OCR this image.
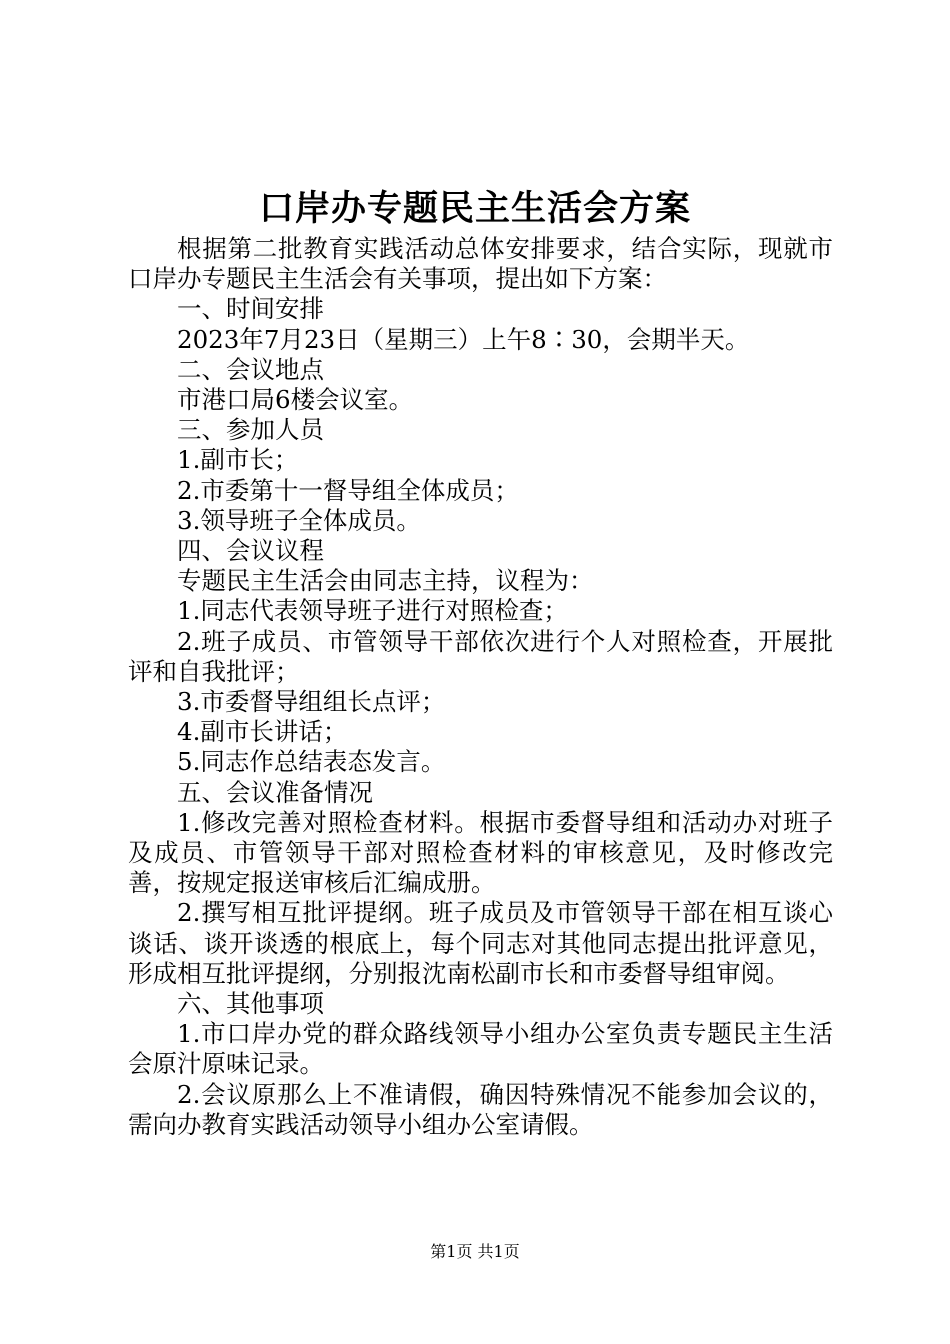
口岸办专题民主生活会方案

根据第二批教育实践活动总体安排要求，结合实际，现就市口岸办专题民主生活会有关事项，提出如下方案：

一、时间安排

2023年7月23日（星期三）上午8∶30，会期半天。

二、会议地点

市港口局6楼会议室。

三、参加人员

1.副市长；

2.市委第十一督导组全体成员；

3.领导班子全体成员。

四、会议议程

专题民主生活会由同志主持，议程为：

1.同志代表领导班子进行对照检查；

2.班子成员、市管领导干部依次进行个人对照检查，开展批评和自我批评；

3.市委督导组组长点评；

4.副市长讲话；

5.同志作总结表态发言。

五、会议准备情况

1.修改完善对照检查材料。根据市委督导组和活动办对班子及成员、市管领导干部对照检查材料的审核意见，及时修改完善，按规定报送审核后汇编成册。

2.撰写相互批评提纲。班子成员及市管领导干部在相互谈心谈话、谈开谈透的根底上，每个同志对其他同志提出批评意见，形成相互批评提纲，分别报沈南松副市长和市委督导组审阅。

六、其他事项

1.市口岸办党的群众路线领导小组办公室负责专题民主生活会原汁原味记录。

2.会议原那么上不准请假，确因特殊情况不能参加会议的，需向办教育实践活动领导小组办公室请假。

第1页 共1页
